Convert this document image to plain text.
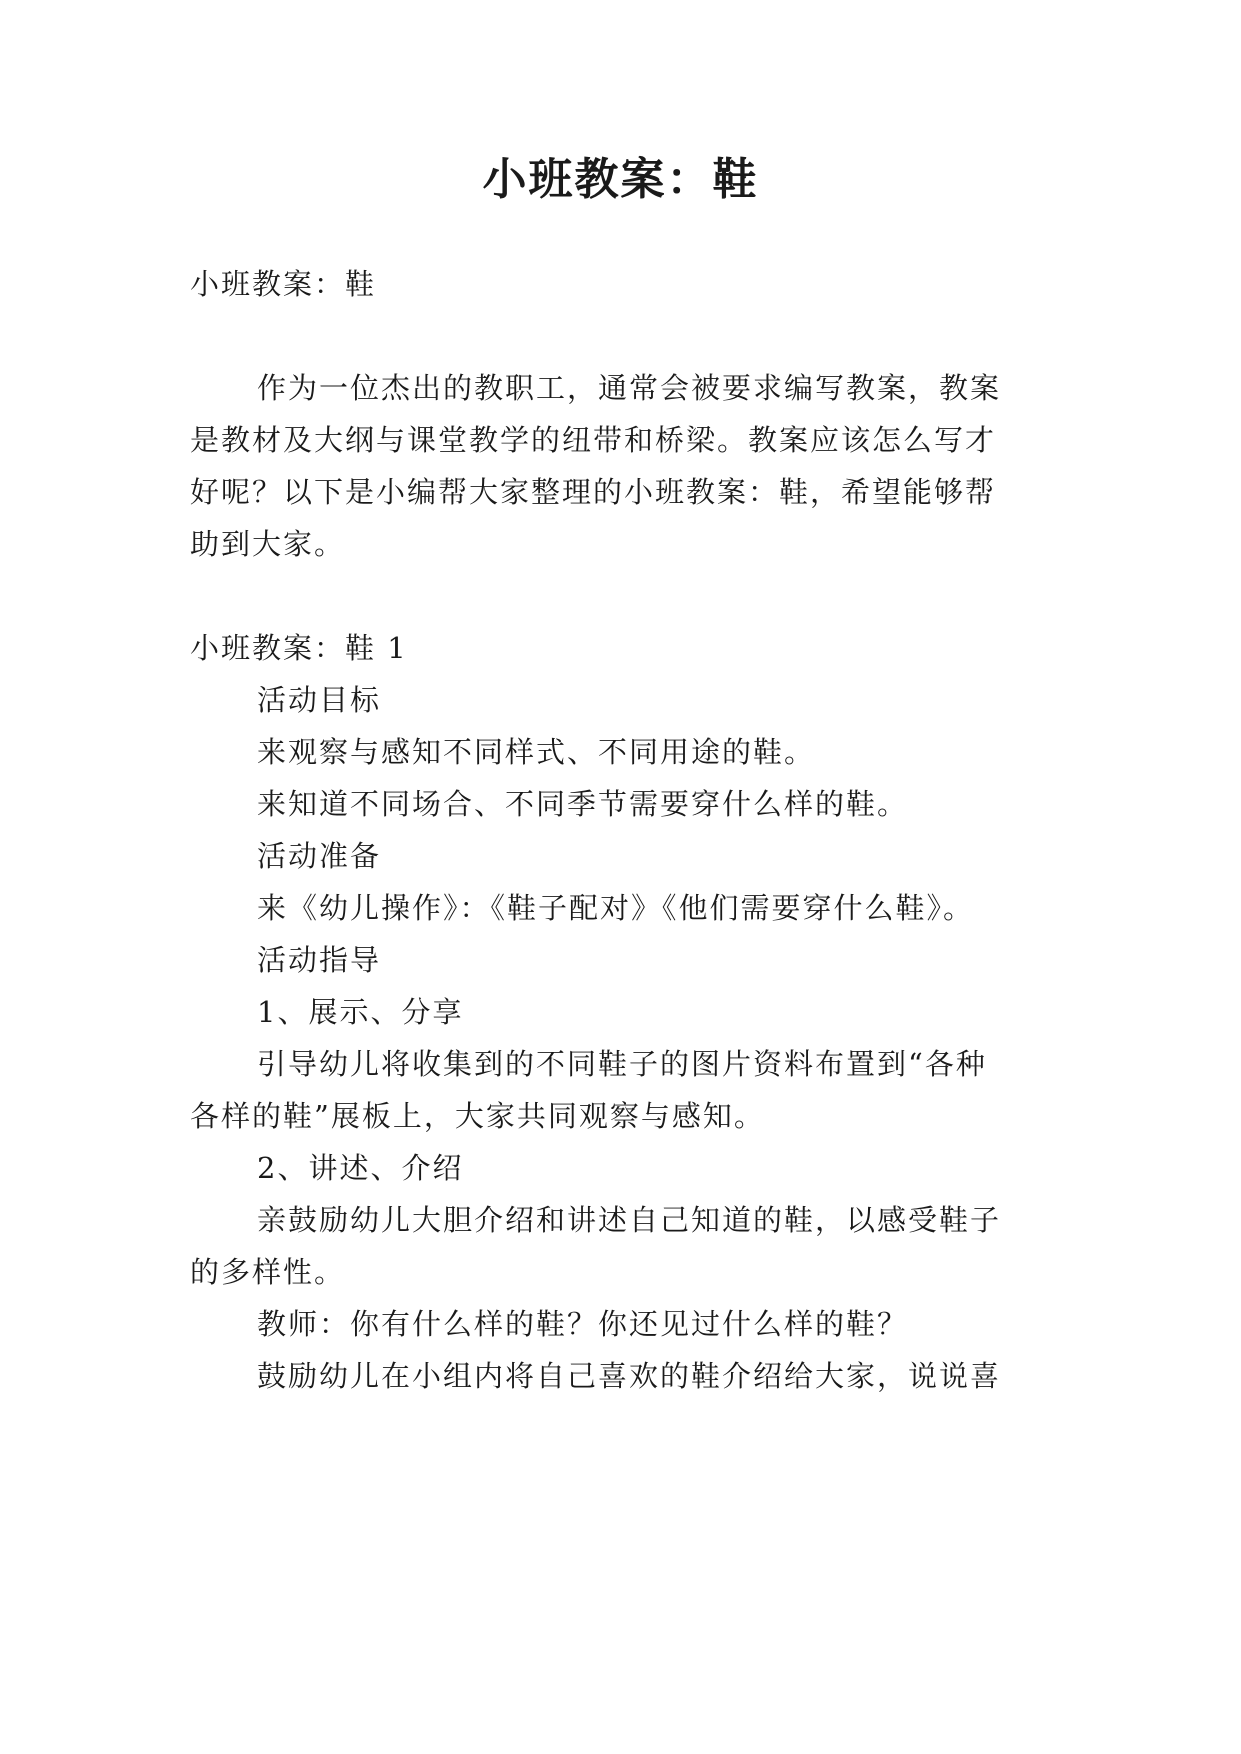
小班教案：鞋

小班教案：鞋

作为一位杰出的教职工，通常会被要求编写教案，教案

是教材及大纲与课堂教学的纽带和桥梁。教案应该怎么写才

好呢？以下是小编帮大家整理的小班教案：鞋，希望能够帮

助到大家。

小班教案：鞋 1

活动目标

来观察与感知不同样式、不同用途的鞋。

来知道不同场合、不同季节需要穿什么样的鞋。

活动准备

来《幼儿操作》：《鞋子配对》《他们需要穿什么鞋》。

活动指导

1、展示、分享

引导幼儿将收集到的不同鞋子的图片资料布置到“各种

各样的鞋”展板上，大家共同观察与感知。

2、讲述、介绍

亲鼓励幼儿大胆介绍和讲述自己知道的鞋，以感受鞋子

的多样性。

教师：你有什么样的鞋？你还见过什么样的鞋？

鼓励幼儿在小组内将自己喜欢的鞋介绍给大家，说说喜
